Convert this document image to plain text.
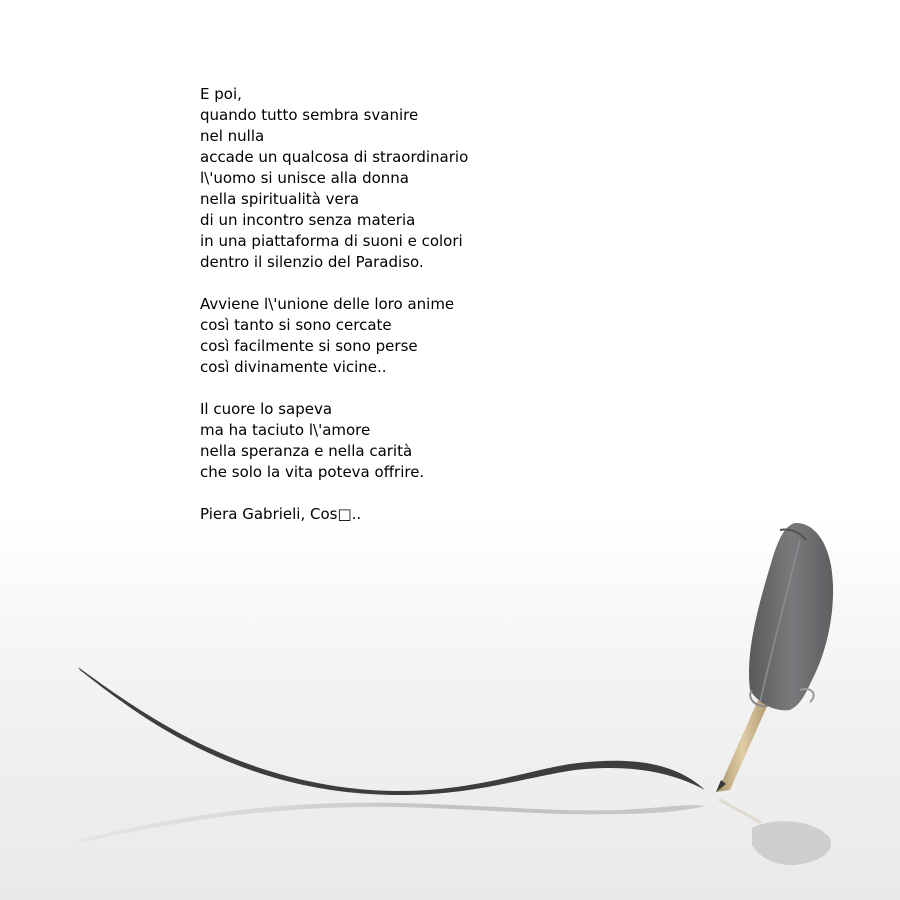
E poi,
quando tutto sembra svanire
nel nulla
accade un qualcosa di straordinario
l\'uomo si unisce alla donna
nella spiritualità vera
di un incontro senza materia
in una piattaforma di suoni e colori
dentro il silenzio del Paradiso.
Avviene l\'unione delle loro anime
così tanto si sono cercate
così facilmente si sono perse
così divinamente vicine..
Il cuore lo sapeva
ma ha taciuto l\'amore
nella speranza e nella carità
che solo la vita poteva offrire.
Piera Gabrieli, Cos□..
